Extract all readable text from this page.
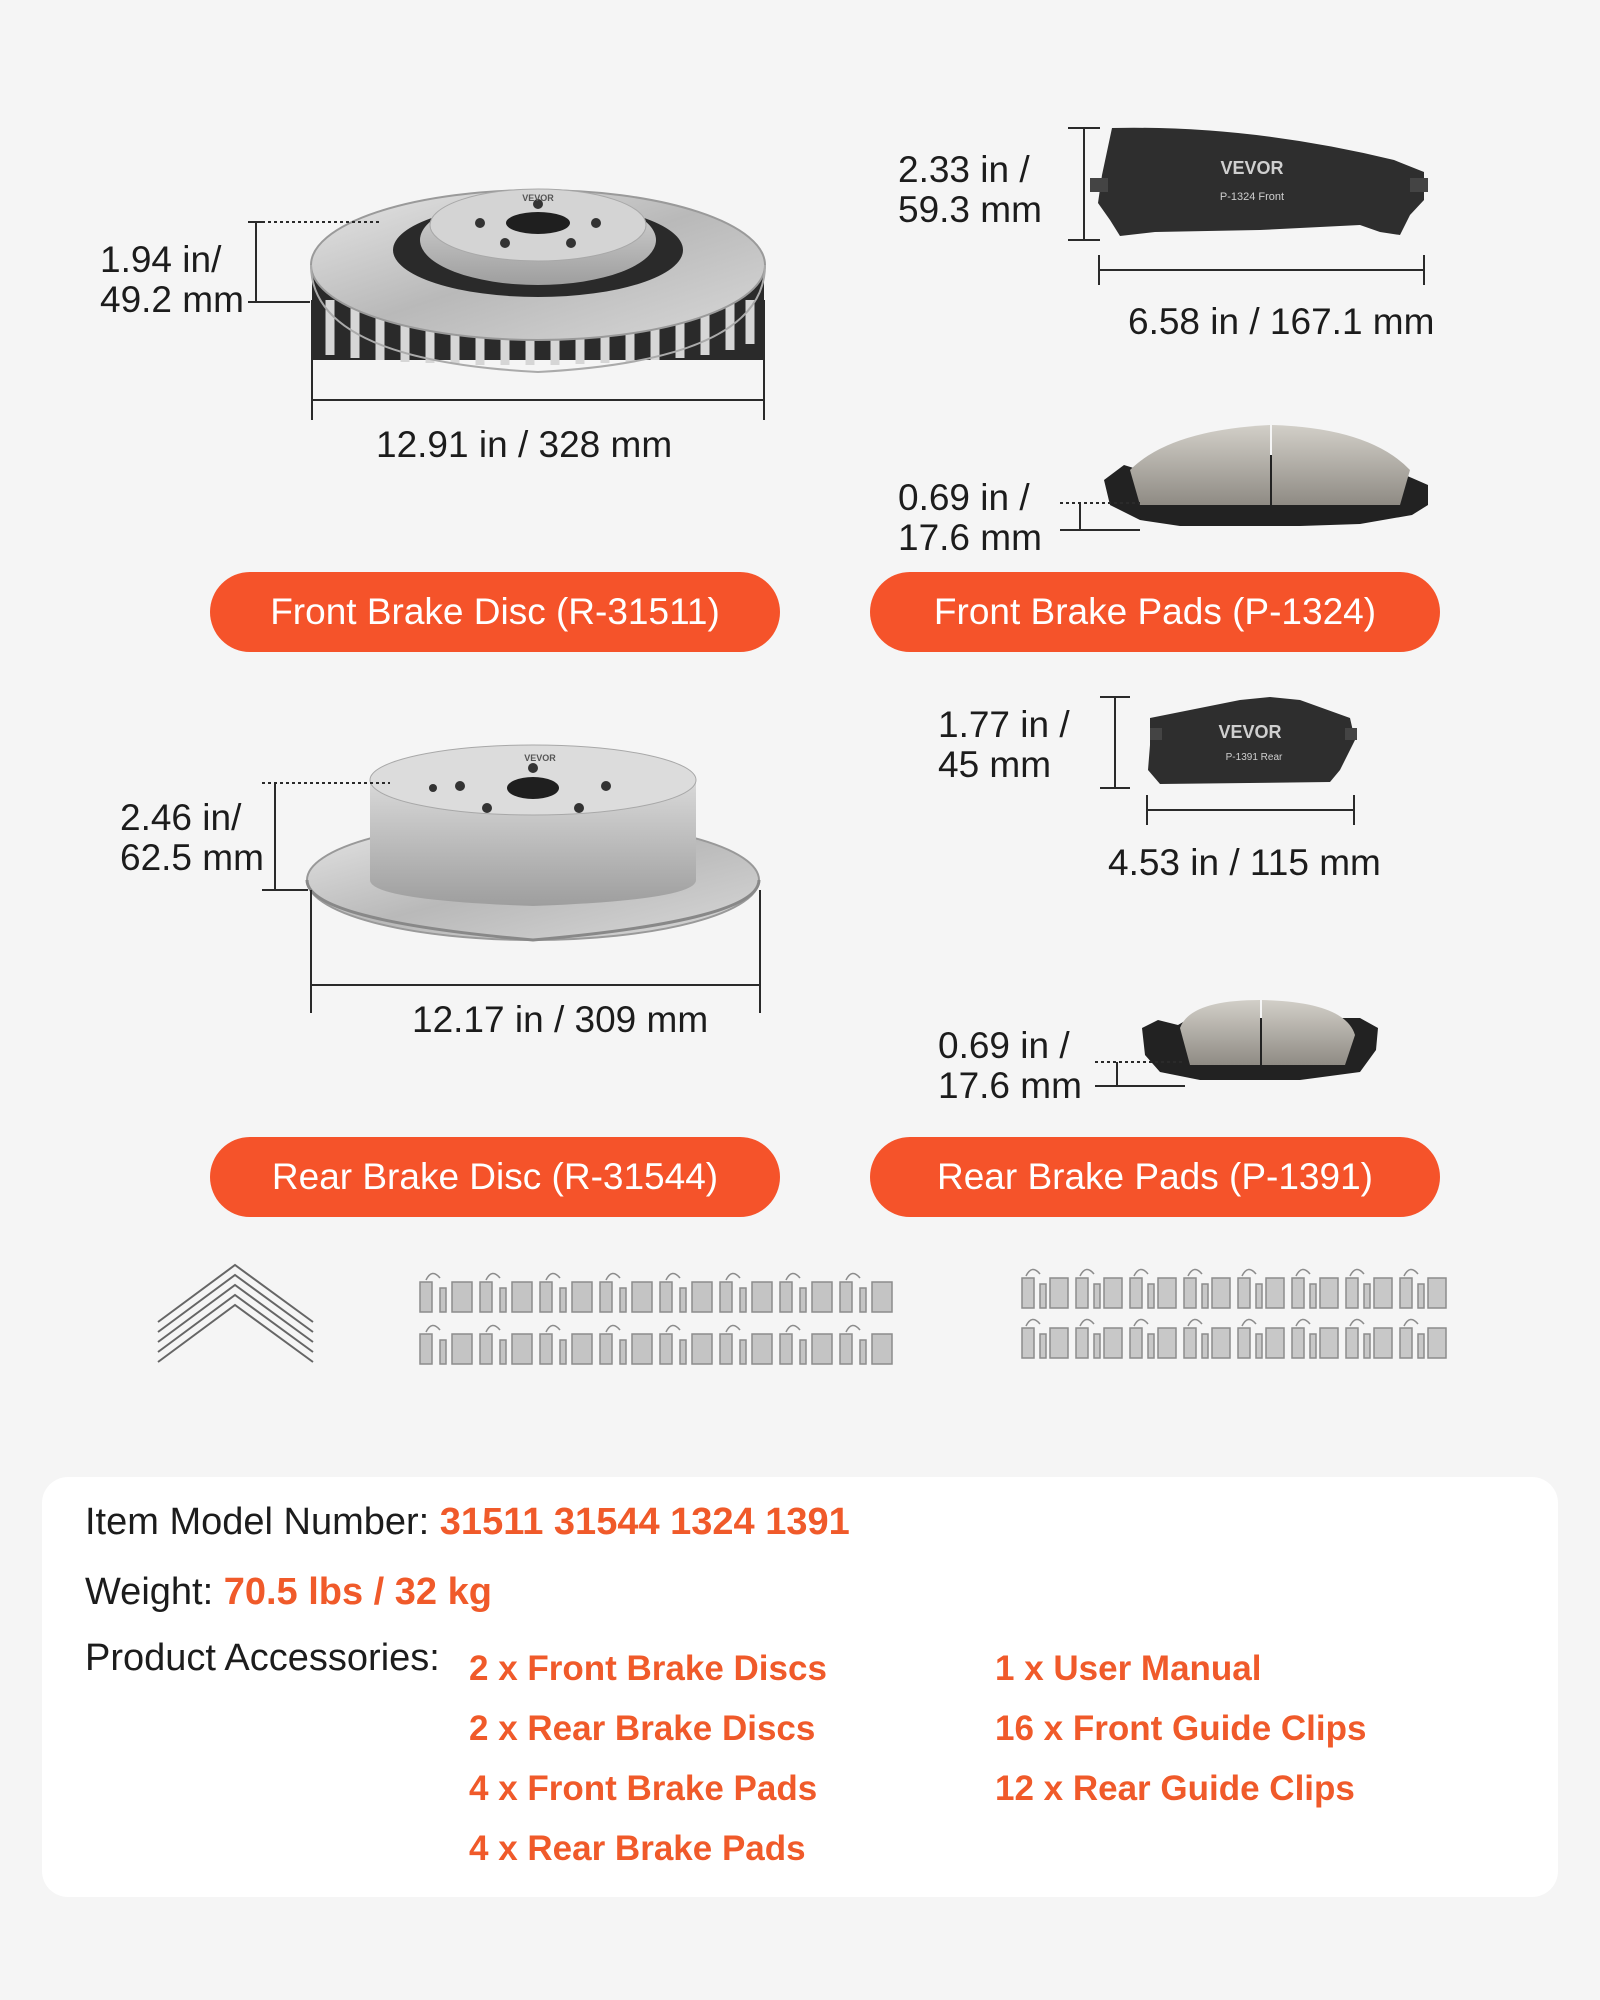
VEVOR
VEVOR
VEVOR
P-1324 Front
VEVOR
P-1391 Rear
1.94 in/
49.2 mm
12.91 in / 328 mm
2.33 in /
59.3 mm
6.58 in / 167.1 mm
0.69 in /
17.6 mm
2.46 in/
62.5 mm
12.17 in / 309 mm
1.77 in /
45 mm
4.53 in / 115 mm
0.69 in /
17.6 mm
Front Brake Disc (R-31511)	Front Brake Pads (P-1324)
Rear Brake Disc (R-31544)	Rear Brake Pads (P-1391)
Item Model Number: 31511 31544 1324 1391
Weight: 70.5 lbs / 32 kg
Product Accessories: 2 x Front Brake Discs
2 x Rear Brake Discs
4 x Front Brake Pads
4 x Rear Brake Pads
1 x User Manual
16 x Front Guide Clips
12 x Rear Guide Clips
